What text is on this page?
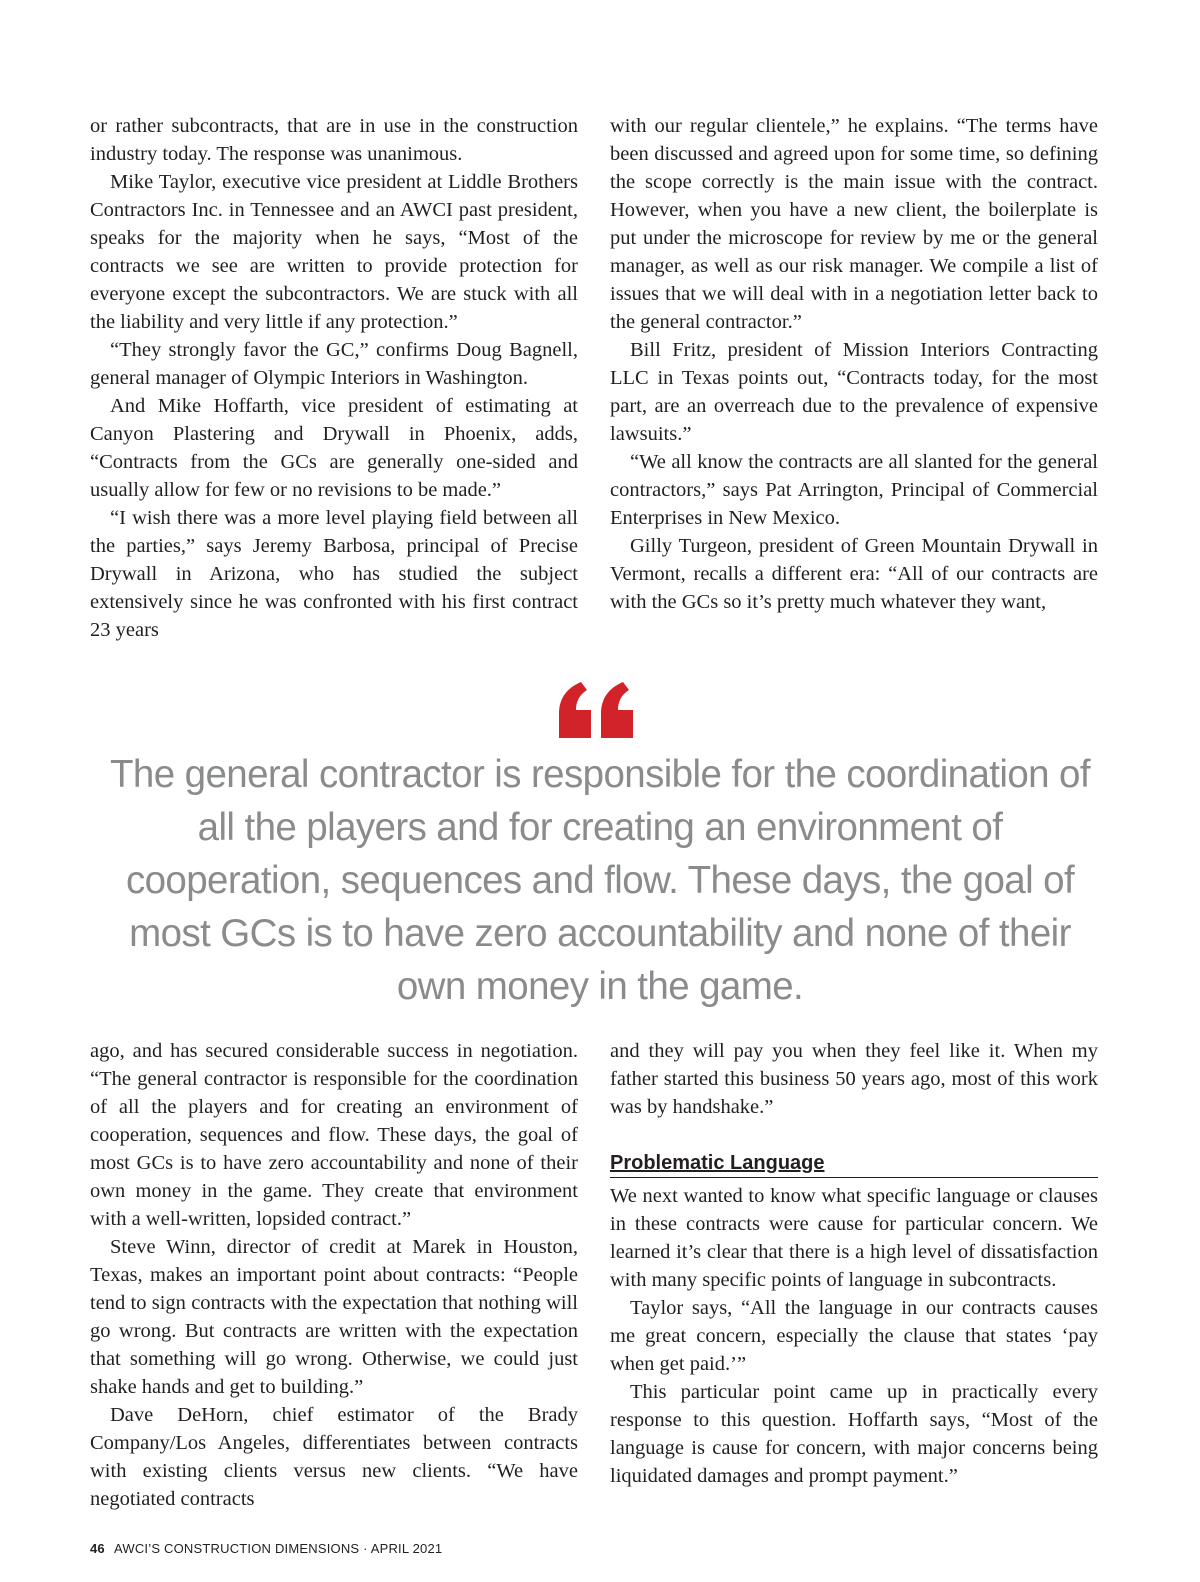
or rather subcontracts, that are in use in the construction industry today. The response was unanimous.

Mike Taylor, executive vice president at Liddle Brothers Contractors Inc. in Tennessee and an AWCI past president, speaks for the majority when he says, “Most of the contracts we see are written to provide protection for everyone except the subcontractors. We are stuck with all the liability and very little if any protection.”

“They strongly favor the GC,” confirms Doug Bagnell, general manager of Olympic Interiors in Washington.

And Mike Hoffarth, vice president of estimating at Canyon Plastering and Drywall in Phoenix, adds, “Contracts from the GCs are generally one-sided and usually allow for few or no revisions to be made.”

“I wish there was a more level playing field between all the parties,” says Jeremy Barbosa, principal of Precise Drywall in Arizona, who has studied the subject extensively since he was confronted with his first contract 23 years

with our regular clientele,” he explains. “The terms have been discussed and agreed upon for some time, so defining the scope correctly is the main issue with the contract. However, when you have a new client, the boilerplate is put under the microscope for review by me or the general manager, as well as our risk manager. We compile a list of issues that we will deal with in a negotiation letter back to the general contractor.”

Bill Fritz, president of Mission Interiors Contracting LLC in Texas points out, “Contracts today, for the most part, are an overreach due to the prevalence of expensive lawsuits.”

“We all know the contracts are all slanted for the general contractors,” says Pat Arrington, Principal of Commercial Enterprises in New Mexico.

Gilly Turgeon, president of Green Mountain Drywall in Vermont, recalls a different era: “All of our contracts are with the GCs so it’s pretty much whatever they want,

The general contractor is responsible for the coordination of all the players and for creating an environment of cooperation, sequences and flow. These days, the goal of most GCs is to have zero accountability and none of their own money in the game.

ago, and has secured considerable success in negotiation. “The general contractor is responsible for the coordination of all the players and for creating an environment of cooperation, sequences and flow. These days, the goal of most GCs is to have zero accountability and none of their own money in the game. They create that environment with a well-written, lopsided contract.”

Steve Winn, director of credit at Marek in Houston, Texas, makes an important point about contracts: “People tend to sign contracts with the expectation that nothing will go wrong. But contracts are written with the expectation that something will go wrong. Otherwise, we could just shake hands and get to building.”

Dave DeHorn, chief estimator of the Brady Company/Los Angeles, differentiates between contracts with existing clients versus new clients. “We have negotiated contracts

and they will pay you when they feel like it. When my father started this business 50 years ago, most of this work was by handshake.”

Problematic Language

We next wanted to know what specific language or clauses in these contracts were cause for particular concern. We learned it’s clear that there is a high level of dissatisfaction with many specific points of language in subcontracts.

Taylor says, “All the language in our contracts causes me great concern, especially the clause that states ‘pay when get paid.’”

This particular point came up in practically every response to this question. Hoffarth says, “Most of the language is cause for concern, with major concerns being liquidated damages and prompt payment.”

46 AWCI’S CONSTRUCTION DIMENSIONS · APRIL 2021
